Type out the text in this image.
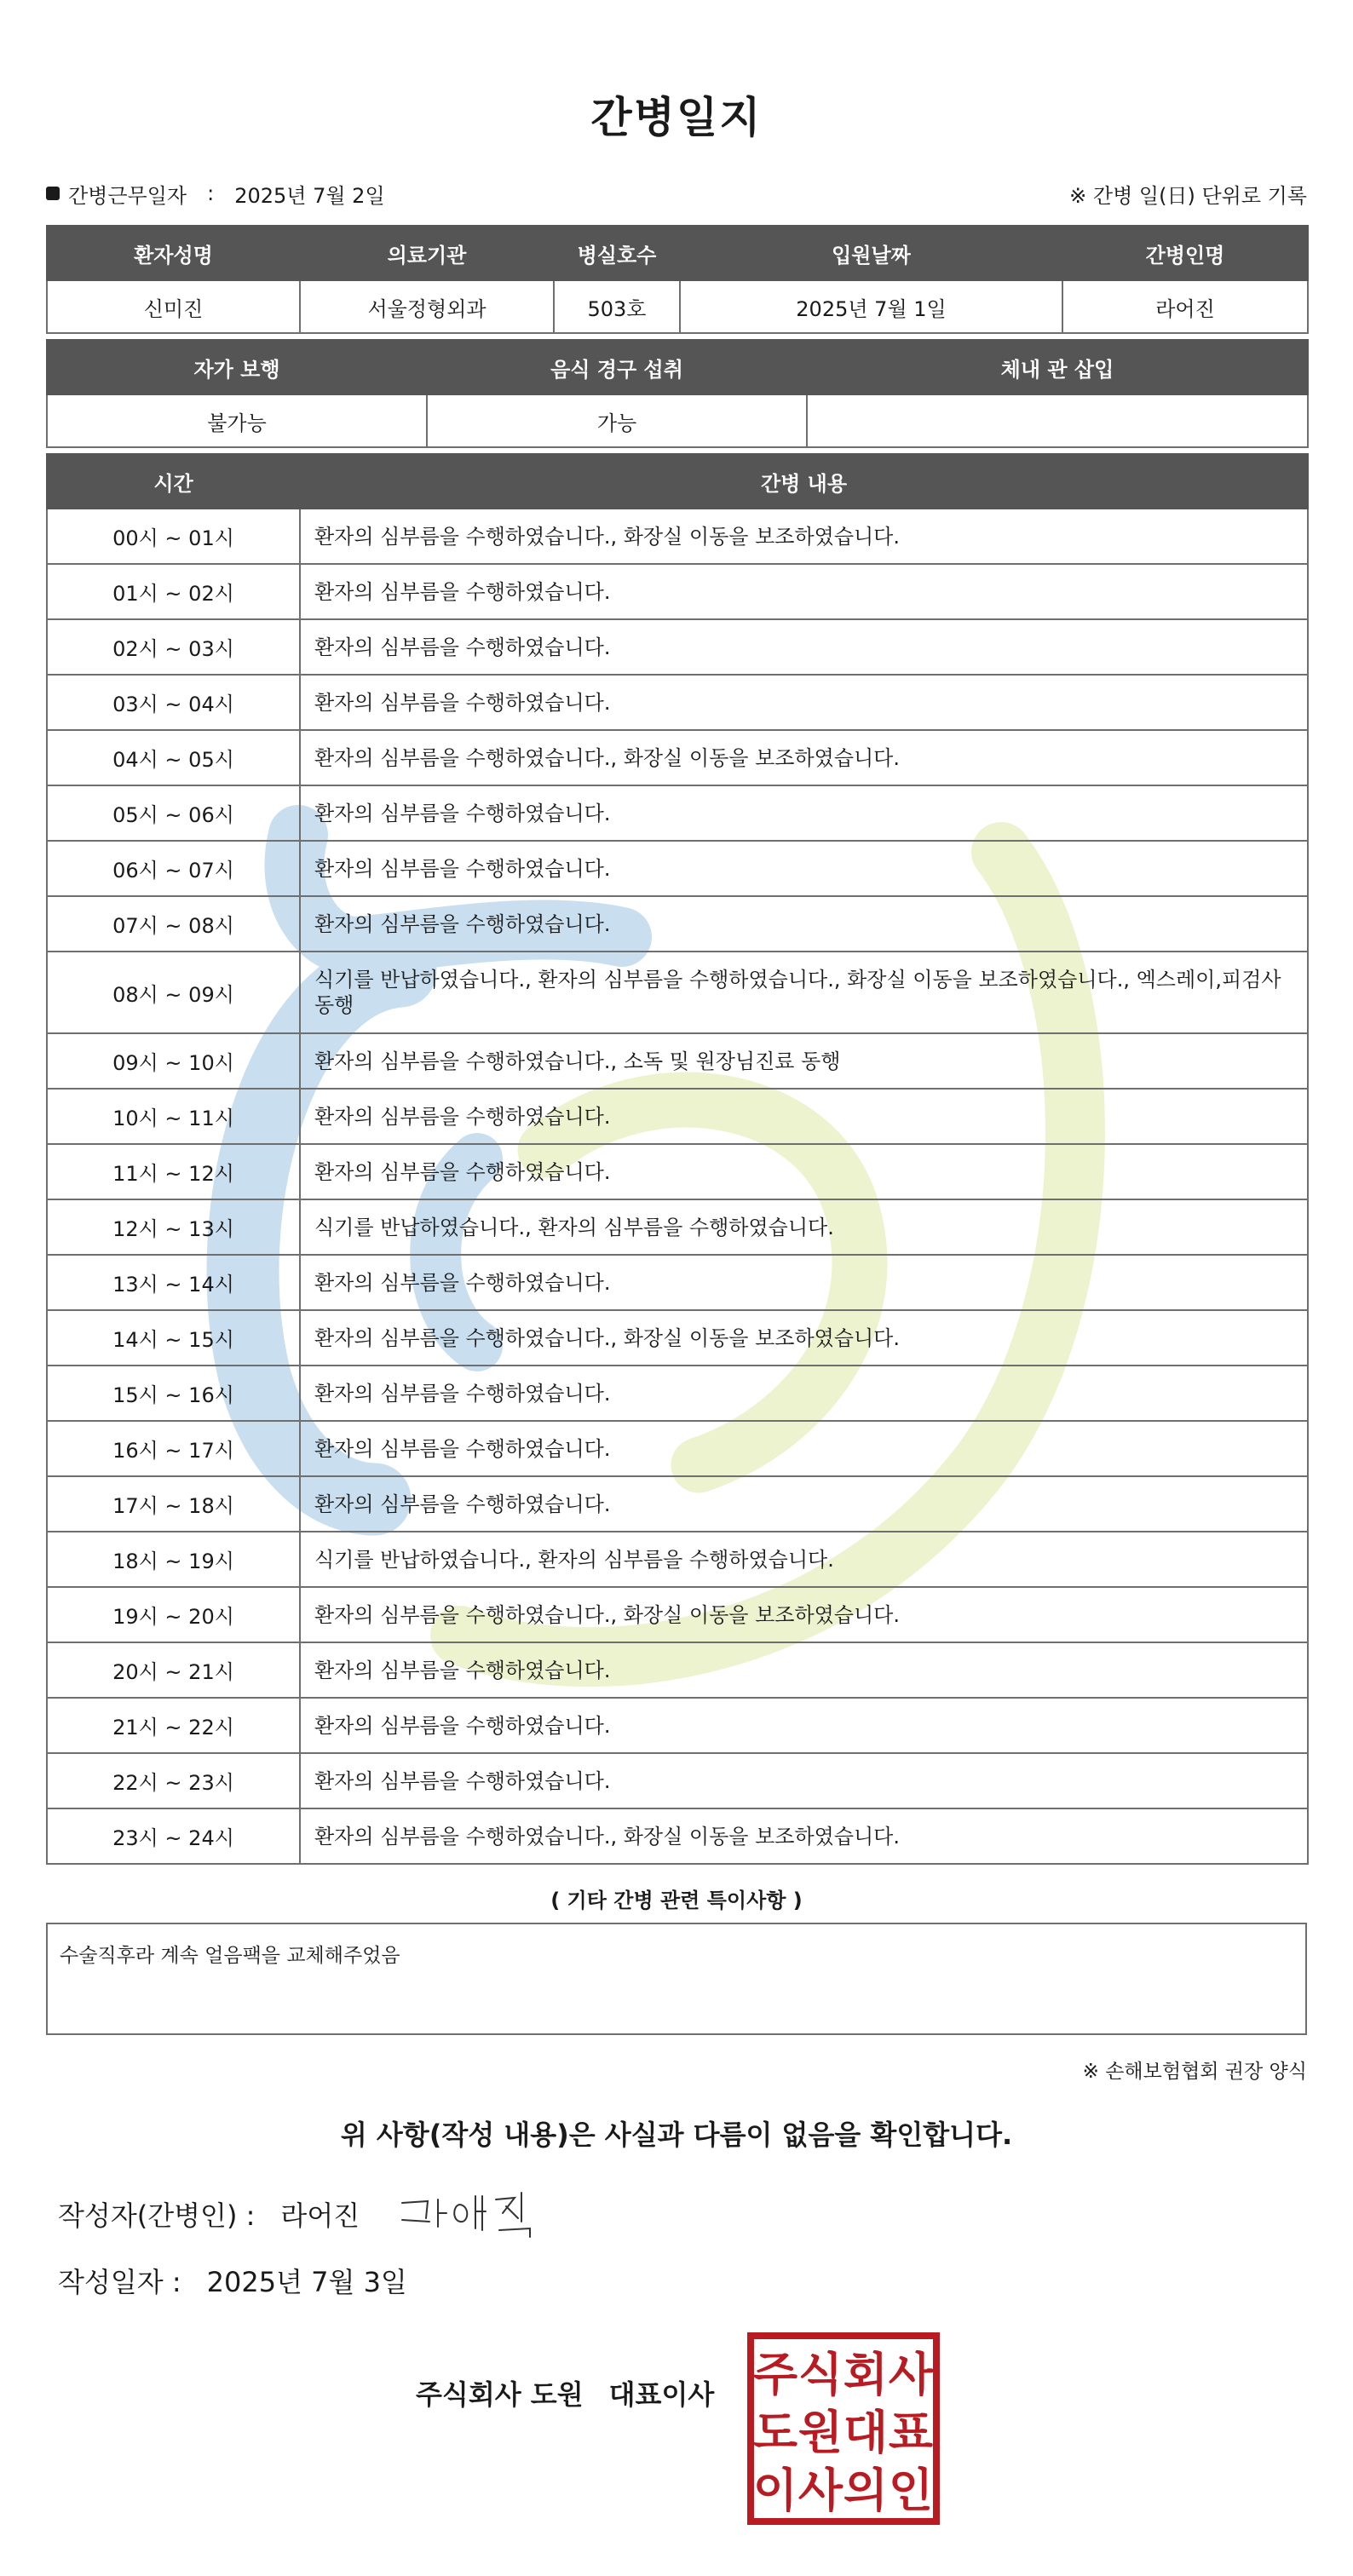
간병일지
간병근무일자 : 2025년 7월 2일	※ 간병 일(日) 단위로 기록
환자성명	의료기관	병실호수	입원날짜	간병인명
신미진	서울정형외과	503호	2025년 7월 1일	라어진
자가 보행	음식 경구 섭취	체내 관 삽입
불가능	가능	
시간	간병 내용
00시 ~ 01시	환자의 심부름을 수행하였습니다., 화장실 이동을 보조하였습니다.
01시 ~ 02시	환자의 심부름을 수행하였습니다.
02시 ~ 03시	환자의 심부름을 수행하였습니다.
03시 ~ 04시	환자의 심부름을 수행하였습니다.
04시 ~ 05시	환자의 심부름을 수행하였습니다., 화장실 이동을 보조하였습니다.
05시 ~ 06시	환자의 심부름을 수행하였습니다.
06시 ~ 07시	환자의 심부름을 수행하였습니다.
07시 ~ 08시	환자의 심부름을 수행하였습니다.
08시 ~ 09시	식기를 반납하였습니다., 환자의 심부름을 수행하였습니다., 화장실 이동을 보조하였습니다., 엑스레이,피검사 동행
09시 ~ 10시	환자의 심부름을 수행하였습니다., 소독 및 원장님진료 동행
10시 ~ 11시	환자의 심부름을 수행하였습니다.
11시 ~ 12시	환자의 심부름을 수행하였습니다.
12시 ~ 13시	식기를 반납하였습니다., 환자의 심부름을 수행하였습니다.
13시 ~ 14시	환자의 심부름을 수행하였습니다.
14시 ~ 15시	환자의 심부름을 수행하였습니다., 화장실 이동을 보조하였습니다.
15시 ~ 16시	환자의 심부름을 수행하였습니다.
16시 ~ 17시	환자의 심부름을 수행하였습니다.
17시 ~ 18시	환자의 심부름을 수행하였습니다.
18시 ~ 19시	식기를 반납하였습니다., 환자의 심부름을 수행하였습니다.
19시 ~ 20시	환자의 심부름을 수행하였습니다., 화장실 이동을 보조하였습니다.
20시 ~ 21시	환자의 심부름을 수행하였습니다.
21시 ~ 22시	환자의 심부름을 수행하였습니다.
22시 ~ 23시	환자의 심부름을 수행하였습니다.
23시 ~ 24시	환자의 심부름을 수행하였습니다., 화장실 이동을 보조하였습니다.
( 기타 간병 관련 특이사항 )
수술직후라 계속 얼음팩을 교체해주었음
※ 손해보험협회 권장 양식
위 사항(작성 내용)은 사실과 다름이 없음을 확인합니다.
작성자(간병인) : 라어진
작성일자 : 2025년 7월 3일
주식회사 도원 대표이사 주 식 회 사
도 원 대 표
이 사 의 인
